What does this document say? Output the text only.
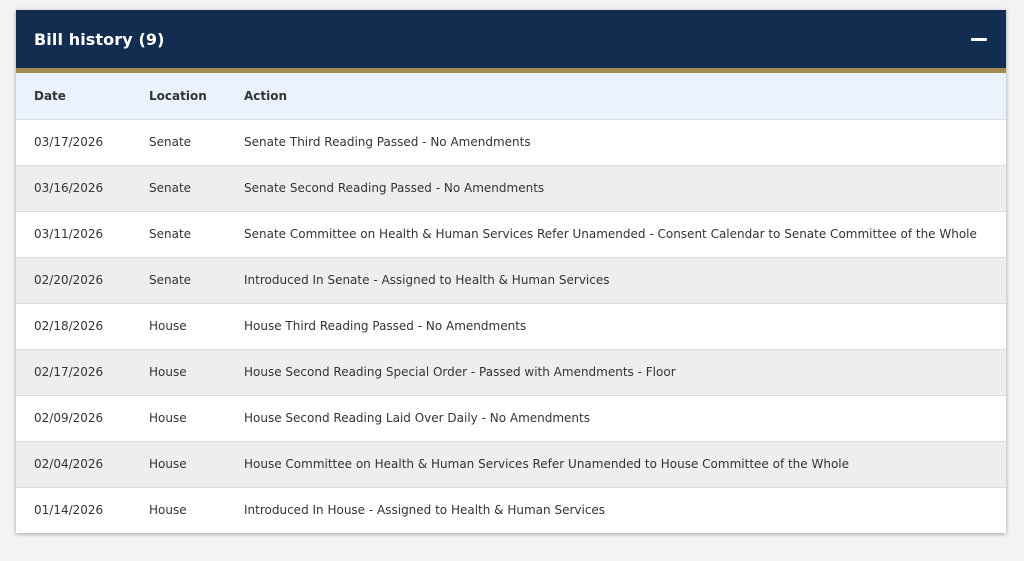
Bill history (9)
Date	Location	Action
03/17/2026	Senate	Senate Third Reading Passed - No Amendments
03/16/2026	Senate	Senate Second Reading Passed - No Amendments
03/11/2026	Senate	Senate Committee on Health & Human Services Refer Unamended - Consent Calendar to Senate Committee of the Whole
02/20/2026	Senate	Introduced In Senate - Assigned to Health & Human Services
02/18/2026	House	House Third Reading Passed - No Amendments
02/17/2026	House	House Second Reading Special Order - Passed with Amendments - Floor
02/09/2026	House	House Second Reading Laid Over Daily - No Amendments
02/04/2026	House	House Committee on Health & Human Services Refer Unamended to House Committee of the Whole
01/14/2026	House	Introduced In House - Assigned to Health & Human Services
